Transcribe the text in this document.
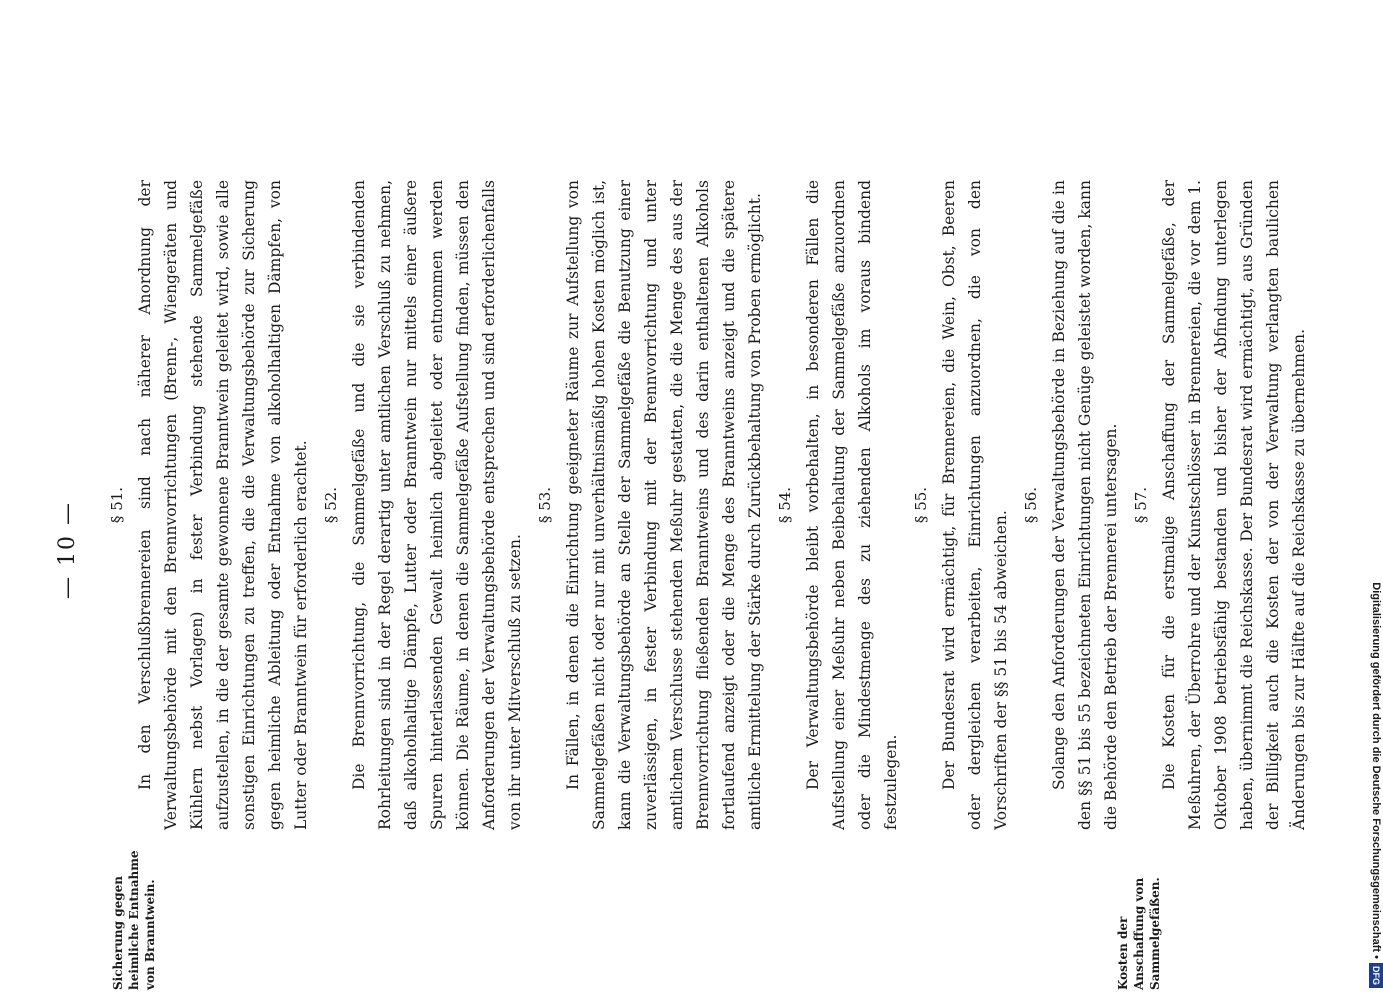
— 10 —
Sicherung gegen heimliche Entnahme von Branntwein.	Kosten der Anschaffung von Sammelgefäßen.
§ 51. In den Verschlußbrennereien sind nach näherer Anordnung der Verwaltungsbehörde mit den Brennvorrichtungen (Brenn-, Wiengeräten und Kühlern nebst Vorlagen) in fester Verbindung stehende Sammelgefäße aufzustellen, in die der gesamte gewonnene Branntwein geleitet wird, sowie alle sonstigen Einrichtungen zu treffen, die die Verwaltungsbehörde zur Sicherung gegen heimliche Ableitung oder Entnahme von alkoholhaltigen Dämpfen, von Lutter oder Branntwein für erforderlich erachtet. § 52. Die Brennvorrichtung, die Sammelgefäße und die sie verbindenden Rohrleitungen sind in der Regel derartig unter amtlichen Verschluß zu nehmen, daß alkoholhaltige Dämpfe, Lutter oder Branntwein nur mittels einer äußere Spuren hinterlassenden Gewalt heimlich abgeleitet oder entnommen werden können. Die Räume, in denen die Sammelgefäße Aufstellung finden, müssen den Anforderungen der Verwaltungsbehörde entsprechen und sind erforderlichenfalls von ihr unter Mitverschluß zu setzen.

§ 53. In Fällen, in denen die Einrichtung geeigneter Räume zur Aufstellung von Sammelgefäßen nicht oder nur mit unverhältnismäßig hohen Kosten möglich ist, kann die Verwaltungsbehörde an Stelle der Sammelgefäße die Benutzung einer zuverlässigen, in fester Verbindung mit der Brennvorrichtung und unter amtlichem Verschlusse stehenden Meßuhr gestatten, die die Menge des aus der Brennvorrichtung fließenden Branntweins und des darin enthaltenen Alkohols fortlaufend anzeigt oder die Menge des Branntweins anzeigt und die spätere amtliche Ermittelung der Stärke durch Zurückbehaltung von Proben ermöglicht. § 54. Der Verwaltungsbehörde bleibt vorbehalten, in besonderen Fällen die Aufstellung einer Meßuhr neben Beibehaltung der Sammelgefäße anzuordnen oder die Mindestmenge des zu ziehenden Alkohols im voraus bindend festzulegen.

§ 55. Der Bundesrat wird ermächtigt, für Brennereien, die Wein, Obst, Beeren oder dergleichen verarbeiten, Einrichtungen anzuordnen, die von den Vorschriften der §§ 51 bis 54 abweichen.

§ 56. Solange den Anforderungen der Verwaltungsbehörde in Beziehung auf die in den §§ 51 bis 55 bezeichneten Einrichtungen nicht Genüge geleistet worden, kann die Behörde den Betrieb der Brennerei untersagen. § 57. Die Kosten für die erstmalige Anschaffung der Sammelgefäße, der Meßuhren, der Überrohre und der Kunstschlösser in Brennereien, die vor dem 1. Oktober 1908 betriebsfähig bestanden und bisher der Abfindung unterlegen haben, übernimmt die Reichskasse. Der Bundesrat wird ermächtigt, aus Gründen der Billigkeit auch die Kosten der von der Verwaltung verlangten baulichen Änderungen bis zur Hälfte auf die Reichskasse zu übernehmen.	Digitalisierung gefördert durch die Deutsche Forschungsgemeinschaft •DFG
